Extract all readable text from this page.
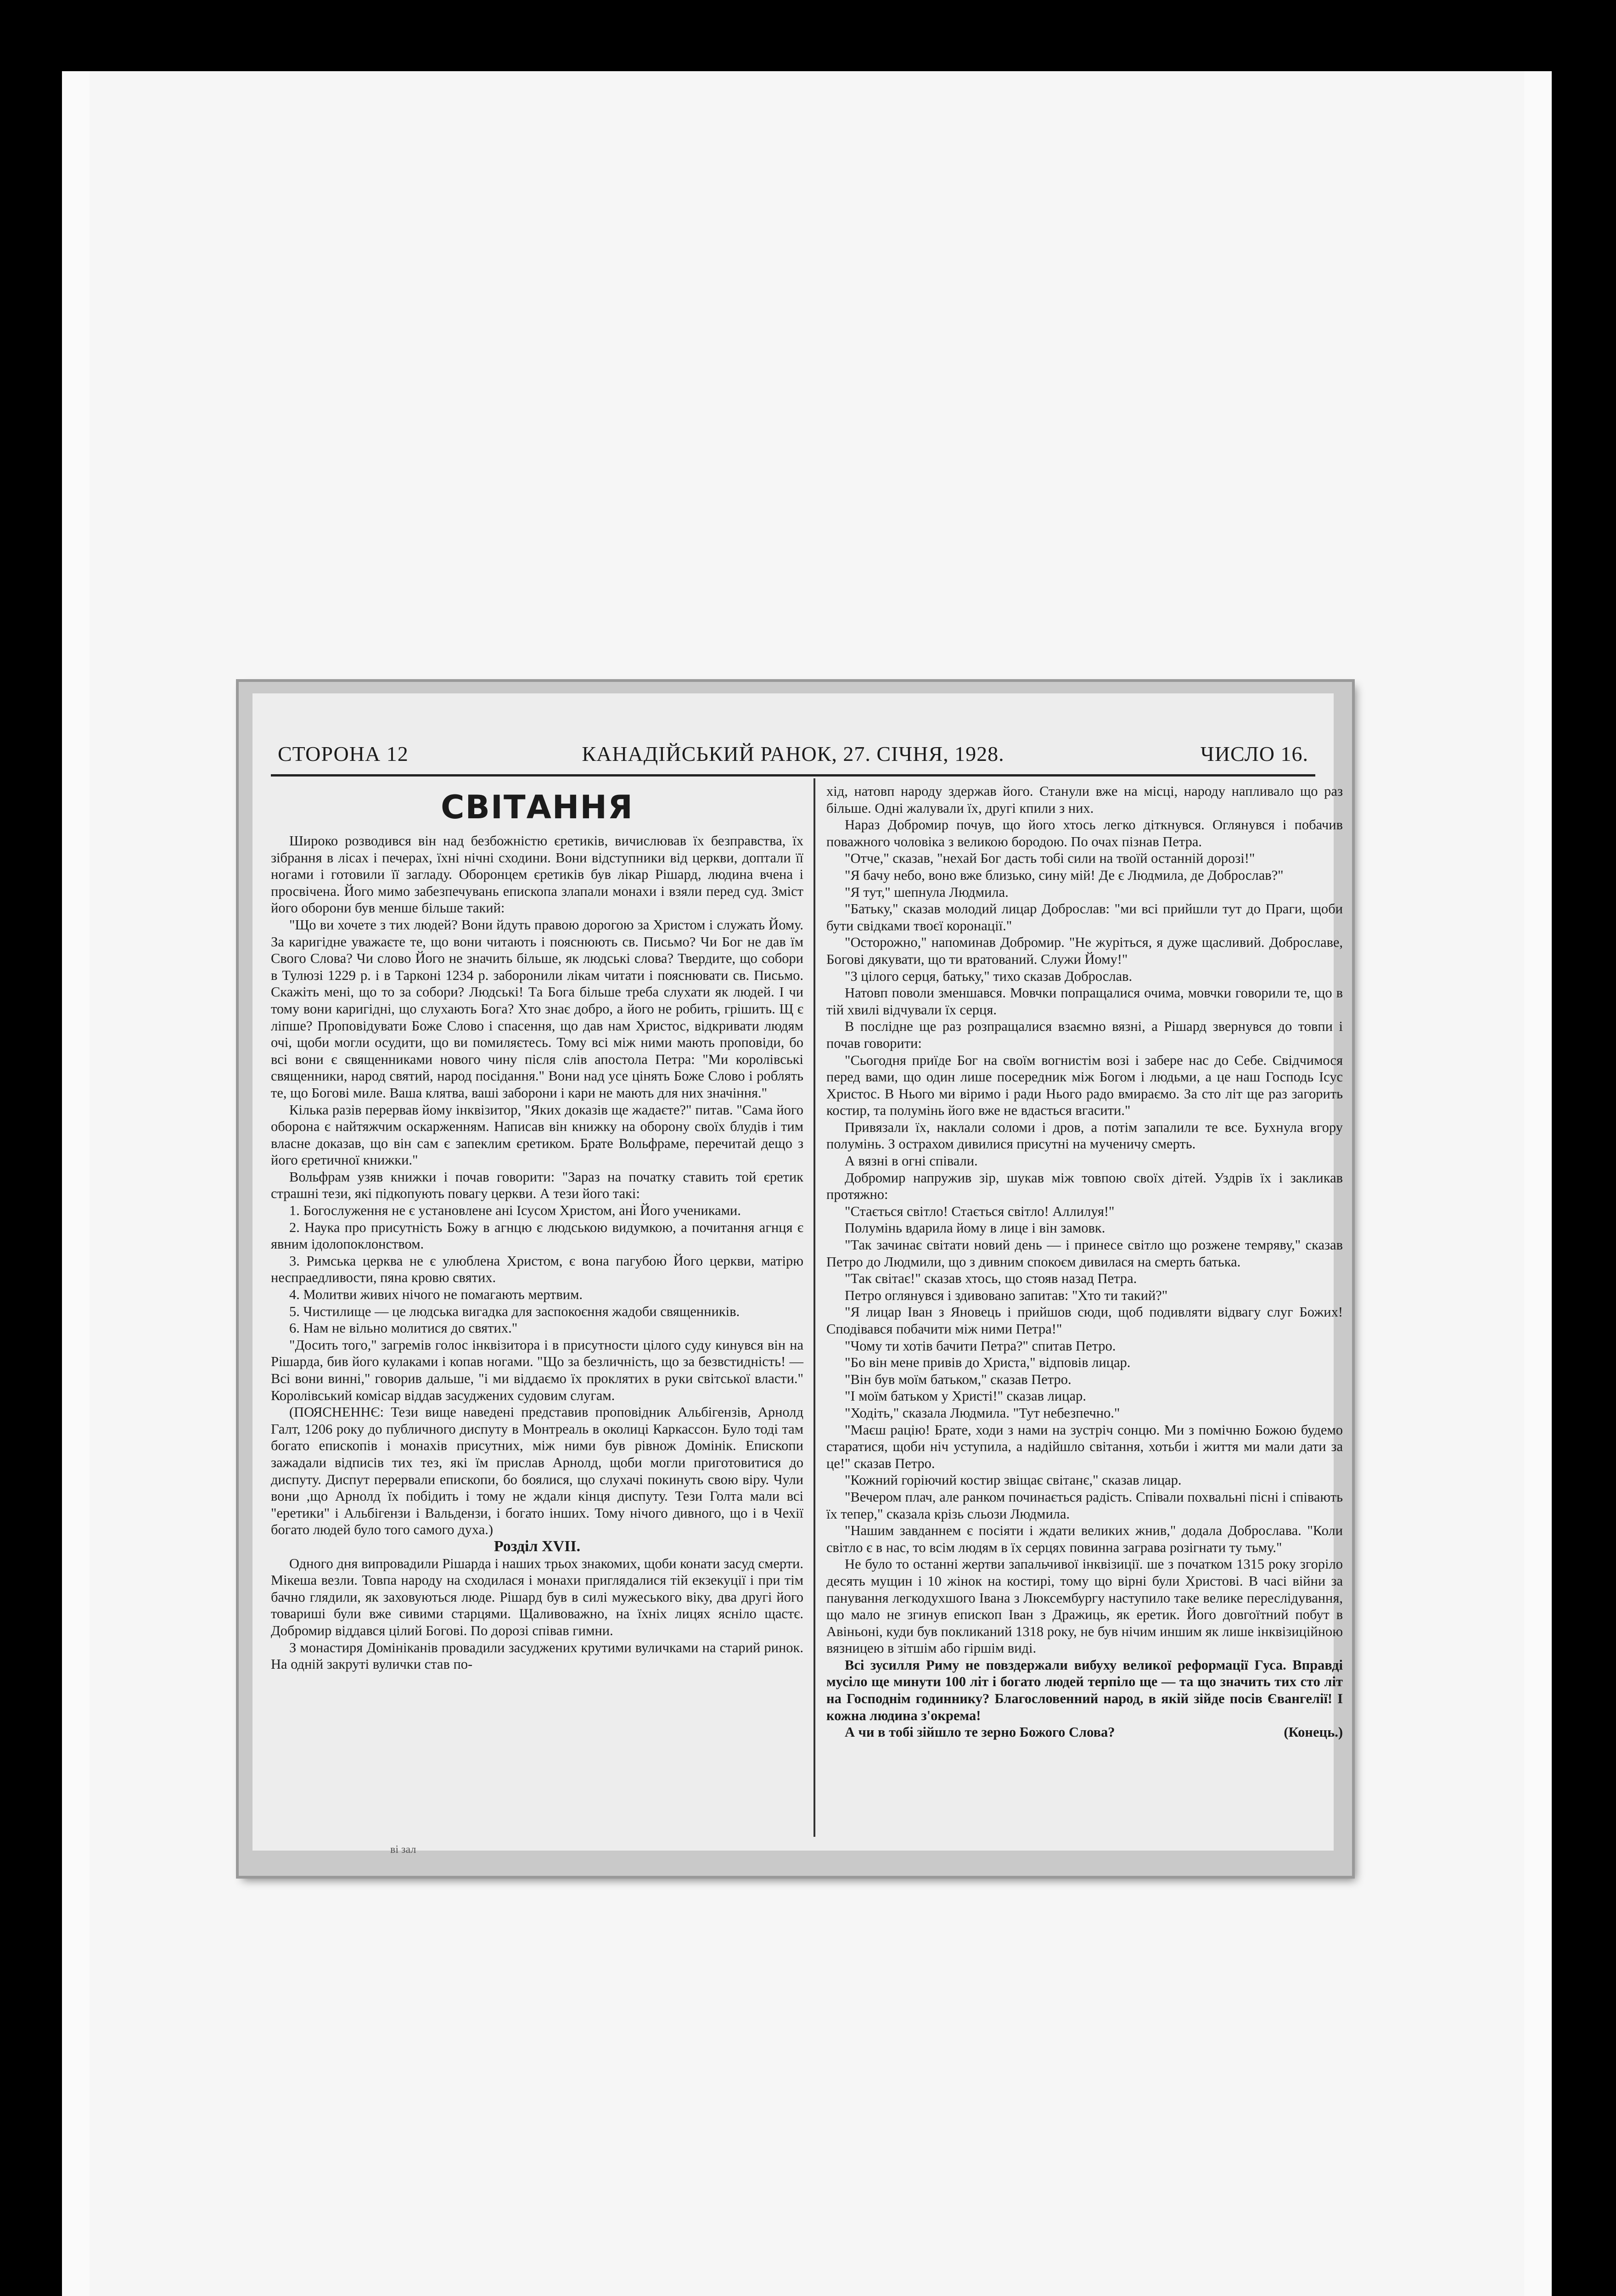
СТОРОНА 12	КАНАДІЙСЬКИЙ РАНОК, 27. СІЧНЯ, 1928.	ЧИСЛО 16.
СВІТАННЯ

Широко розводився він над безбожністю єретиків, вичислював їх безправства, їх зібрання в лісах і печерах, їхні нічні сходини. Вони відступники від церкви, доптали її ногами і готовили її загладу. Оборонцем єретиків був лікар Рішард, людина вчена і просвічена. Його мимо забезпечувань епископа злапали монахи і взяли перед суд. Зміст його оборони був менше більше такий:

"Що ви хочете з тих людей? Вони йдуть правою дорогою за Христом і служать Йому. За каригідне уважаєте те, що вони читають і пояснюють св. Письмо? Чи Бог не дав їм Свого Слова? Чи слово Його не значить більше, як людські слова? Твердите, що собори в Тулюзі 1229 р. і в Тарконі 1234 р. заборонили лікам читати і пояснювати св. Письмо. Скажіть мені, що то за собори? Людські! Та Бога більше треба слухати як людей. І чи тому вони каригідні, що слухають Бога? Хто знає добро, а його не робить, грішить. Щ є ліпше? Проповідувати Боже Слово і спасення, що дав нам Христос, відкривати людям очі, щоби могли осудити, що ви помиляєтесь. Тому всі між ними мають проповіди, бо всі вони є священниками нового чину після слів апостола Петра: "Ми королівські священники, народ святий, народ посідання." Вони над усе цінять Боже Слово і роблять те, що Богові миле. Ваша клятва, ваші заборони і кари не мають для них значіння."

Кілька разів перервав йому інквізитор, "Яких доказів ще жадаєте?" питав. "Сама його оборона є найтяжчим оскарженням. Написав він книжку на оборону своїх блудів і тим власне доказав, що він сам є запеклим єретиком. Брате Вольфраме, перечитай дещо з його єретичної книжки."

Вольфрам узяв книжки і почав говорити: "Зараз на початку ставить той єретик страшні тези, які підкопують повагу церкви. А тези його такі:

1. Богослуження не є установлене ані Ісусом Христом, ані Його учениками.

2. Наука про присутність Божу в агнцю є людською видумкою, а почитання агнця є явним ідолопоклонством.

3. Римська церква не є улюблена Христом, є вона пагубою Його церкви, матірю неспраедливости, пяна кровю святих.

4. Молитви живих нічого не помагають мертвим.

5. Чистилище — це людська вигадка для заспокоєння жадоби священників.

6. Нам не вільно молитися до святих."

"Досить того," загремів голос інквізитора і в присутности цілого суду кинувся він на Рішарда, бив його кулаками і копав ногами. "Що за безличність, що за безвстидність! — Всі вони винні," говорив дальше, "і ми віддаємо їх проклятих в руки світської власти." Королівський комісар віддав засуджених судовим слугам.

(ПОЯСНЕННЄ: Тези вище наведені представив проповідник Альбігензів, Арнолд Галт, 1206 року до публичного диспуту в Монтреаль в околиці Каркассон. Було тоді там богато епископів і монахів присутних, між ними був рівнож Домінік. Епископи зажадали відписів тих тез, які їм прислав Арнолд, щоби могли приготовитися до диспуту. Диспут перервали епископи, бо боялися, що слухачі покинуть свою віру. Чули вони ,що Арнолд їх побідить і тому не ждали кінця диспуту. Тези Голта мали всі "еретики" і Альбігензи і Вальдензи, і богато інших. Тому нічого дивного, що і в Чехії богато людей було того самого духа.)

Розділ XVII.

Одного дня випровадили Рішарда і наших трьох знакомих, щоби конати засуд смерти. Мікеша везли. Товпа народу на сходилася і монахи приглядалися тій екзекуції і при тім бачно глядили, як заховуються люде. Рішард був в силі мужеського віку, два другі його товариші були вже сивими старцями. Щаливоважно, на їхніх лицях ясніло щастє. Добромир віддався цілий Богові. По дорозі співав гимни.

З монастиря Домініканів провадили засуджених крутими вуличками на старий ринок. На одній закруті вулички став по-

хід, натовп народу здержав його. Станули вже на місці, народу напливало що раз більше. Одні жалували їх, другі кпили з них.

Нараз Добромир почув, що його хтось легко діткнувся. Оглянувся і побачив поважного чоловіка з великою бородою. По очах пізнав Петра.

"Отче," сказав, "нехай Бог дасть тобі сили на твоїй останній дорозі!"

"Я бачу небо, воно вже близько, сину мій! Де є Людмила, де Доброслав?"

"Я тут," шепнула Людмила.

"Батьку," сказав молодий лицар Доброслав: "ми всі прийшли тут до Праги, щоби бути свідками твоєї коронації."

"Осторожно," напоминав Добромир. "Не журіться, я дуже щасливий. Доброславе, Богові дякувати, що ти вратований. Служи Йому!"

"З цілого серця, батьку," тихо сказав Доброслав.

Натовп поволи зменшався. Мовчки попрaщалися очима, мовчки говорили те, що в тій хвилі відчували їх серця.

В послідне ще раз розпращалися взаємно вязні, а Рішард звернувся до товпи і почав говорити:

"Сьогодня приїде Бог на своїм вогнистім возі і забере нас до Себе. Свідчимося перед вами, що один лише посередник між Богом і людьми, а це наш Господь Ісус Христос. В Нього ми віримо і ради Нього радо вмираємо. За сто літ ще раз загорить костир, та полумінь його вже не вдасться вгасити."

Привязали їх, наклали соломи і дров, а потім запалили те все. Бухнула вгору полумінь. З острахом дивилися присутні на мученичу смерть.

А вязні в огні співали.

Добромир напружив зір, шукав між товпою своїх дітей. Уздрів їх і закликав протяжно:

"Стається світло! Стається світло! Аллилуя!"

Полумінь вдарила йому в лице і він замовк.

"Так зачинає світати новий день — і принесе світло що розжене темряву," сказав Петро до Людмили, що з дивним спокоєм дивилася на смерть батька.

"Так світає!" сказав хтось, що стояв назад Петра.

Петро оглянувся і здивовано запитав: "Хто ти такий?"

"Я лицар Іван з Яновець і прийшов сюди, щоб подивляти відвагу слуг Божих! Сподівався побачити між ними Петра!"

"Чому ти хотів бачити Петра?" спитав Петро.

"Бо він мене привів до Христа," відповів лицар.

"Він був моїм батьком," сказав Петро.

"І моїм батьком у Христі!" сказав лицар.

"Ходіть," сказала Людмила. "Тут небезпечно."

"Маєш рацію! Брате, ходи з нами на зустріч сонцю. Ми з помічню Божою будемо старатися, щоби ніч уступила, а надійшло світання, хотьби і життя ми мали дати за це!" сказав Петро.

"Кожний горіючий костир звіщає світанє," сказав лицар.

"Вечером плач, але ранком починається радість. Співали похвальні пісні і співають їх тепер," сказала крізь сльози Людмила.

"Нашим завданнем є посіяти і ждати великих жнив," додала Доброслава. "Коли світло є в нас, то всім людям в їх серцях повинна заграва розігнати ту тьму."

Не було то останні жертви запальчивої інквізиції. ше з початком 1315 року згоріло десять мущин і 10 жінок на костирі, тому що вірні були Христові. В часі війни за панування легкодухшого Івана з Люксембургу наступило таке велике переслідування, що мало не згинув епископ Іван з Дражиць, як еретик. Його довгоїтний побут в Авіньоні, куди був покликаний 1318 року, не був нічим иншим як лише інквізиційною вязницею в зітшім або гіршім виді.

Всі зусилля Риму не повздержали вибуху великої реформації Гуса. Вправді мусіло ще минути 100 літ і богато людей терпіло ще — та що значить тих сто літ на Господнім годиннику? Благословенний народ, в якій зійде посів Євангелії! І кожна людина з'окрема!

А чи в тобі зійшло те зерно Божого Слова?	(Конець.)

ві зал
